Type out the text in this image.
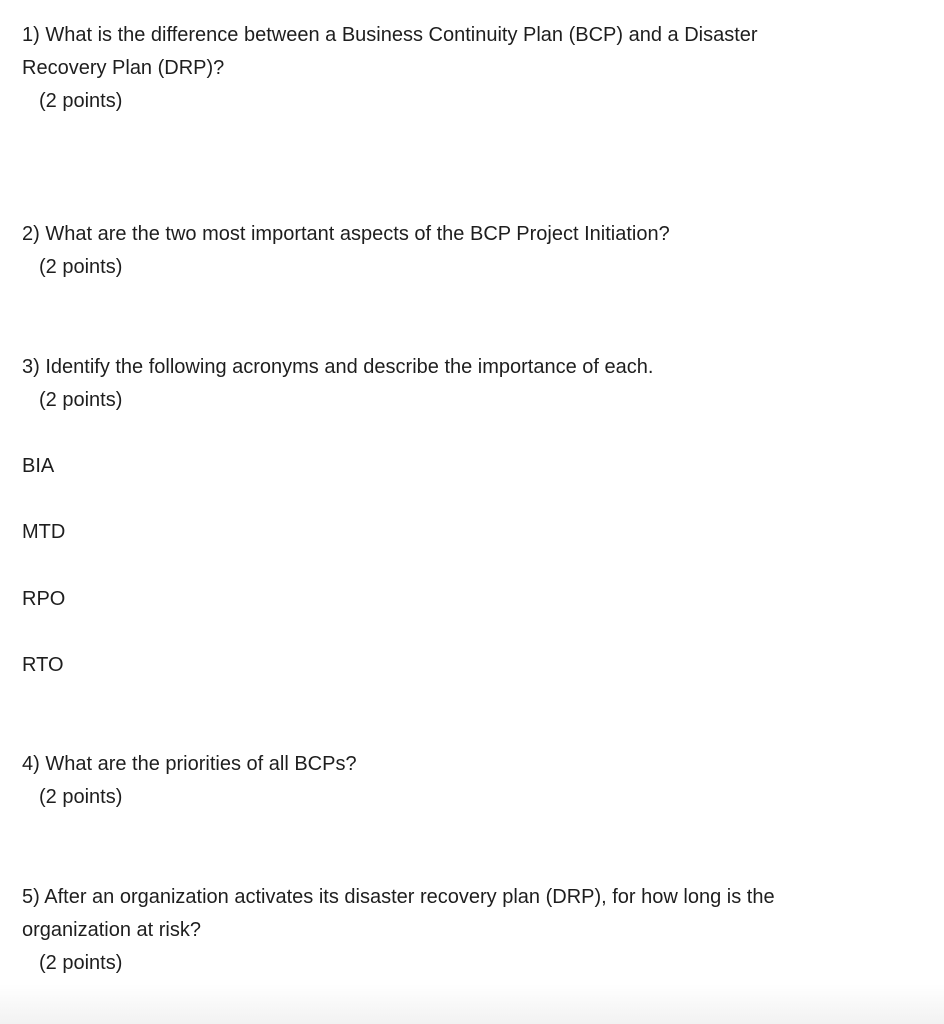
1) What is the difference between a Business Continuity Plan (BCP) and a Disaster
Recovery Plan (DRP)?
(2 points)
2) What are the two most important aspects of the BCP Project Initiation?
(2 points)
3) Identify the following acronyms and describe the importance of each.
(2 points)
BIA
MTD
RPO
RTO
4) What are the priorities of all BCPs?
(2 points)
5) After an organization activates its disaster recovery plan (DRP), for how long is the
organization at risk?
(2 points)
